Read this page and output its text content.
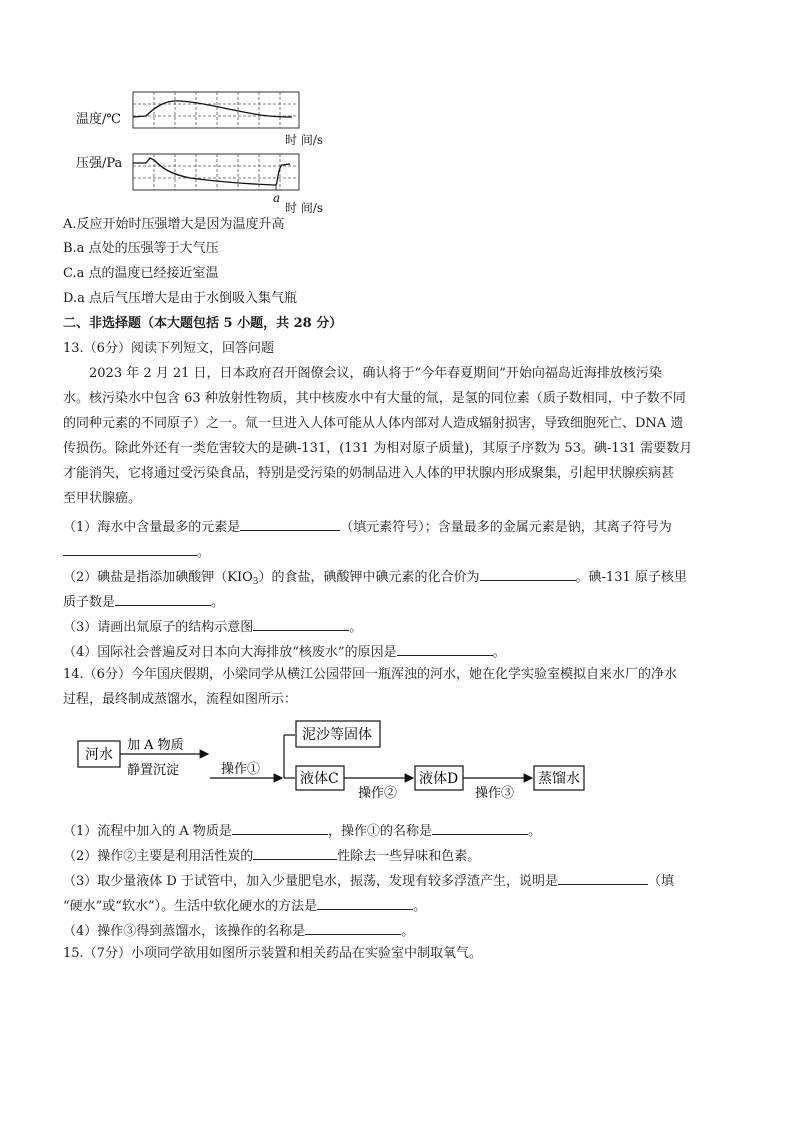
温度/℃
时 间/s
压强/Pa
a
时 间/s
A.反应开始时压强增大是因为温度升高
B.a 点处的压强等于大气压
C.a 点的温度已经接近室温
D.a 点后气压增大是由于水倒吸入集气瓶
二、非选择题（本大题包括 5 小题，共 28 分）
13.（6分）阅读下列短文，回答问题
2023 年 2 月 21 日，日本政府召开阁僚会议，确认将于“今年春夏期间”开始向福岛近海排放核污染
水。核污染水中包含 63 种放射性物质，其中核废水中有大量的氚，是氢的同位素（质子数相同，中子数不同
的同种元素的不同原子）之一。氚一旦进入人体可能从人体内部对人造成辐射损害，导致细胞死亡、DNA 遗
传损伤。除此外还有一类危害较大的是碘-131，(131 为相对原子质量)，其原子序数为 53。碘-131 需要数月
才能消失，它将通过受污染食品，特别是受污染的奶制品进入人体的甲状腺内形成聚集，引起甲状腺疾病甚
至甲状腺癌。
（1）海水中含量最多的元素是	（填元素符号）；含量最多的金属元素是钠，其离子符号为
。
（2）碘盐是指添加碘酸钾$(KIO_3)$的食盐，碘酸钾中碘元素的化合价为	。碘-131 原子核里
质子数是	。
（3）请画出氚原子的结构示意图	。
（4）国际社会普遍反对日本向大海排放“核废水”的原因是	。
14.（6分）今年国庆假期，小梁同学从横江公园带回一瓶浑浊的河水，她在化学实验室模拟自来水厂的净水
过程，最终制成蒸馏水，流程如图所示：
河水
加 A 物质
静置沉淀	操作①
泥沙等固体
液体C
操作②
液体D
操作③
蒸馏水
（1）流程中加入的 A 物质是	，操作①的名称是	。
（2）操作②主要是利用活性炭的	性除去一些异味和色素。
（3）取少量液体 D 于试管中，加入少量肥皂水，振荡，发现有较多浮渣产生，说明是	（填
“硬水”或“软水”）。生活中软化硬水的方法是	。
（4）操作③得到蒸馏水，该操作的名称是	。
15.（7分）小项同学欲用如图所示装置和相关药品在实验室中制取氧气。
